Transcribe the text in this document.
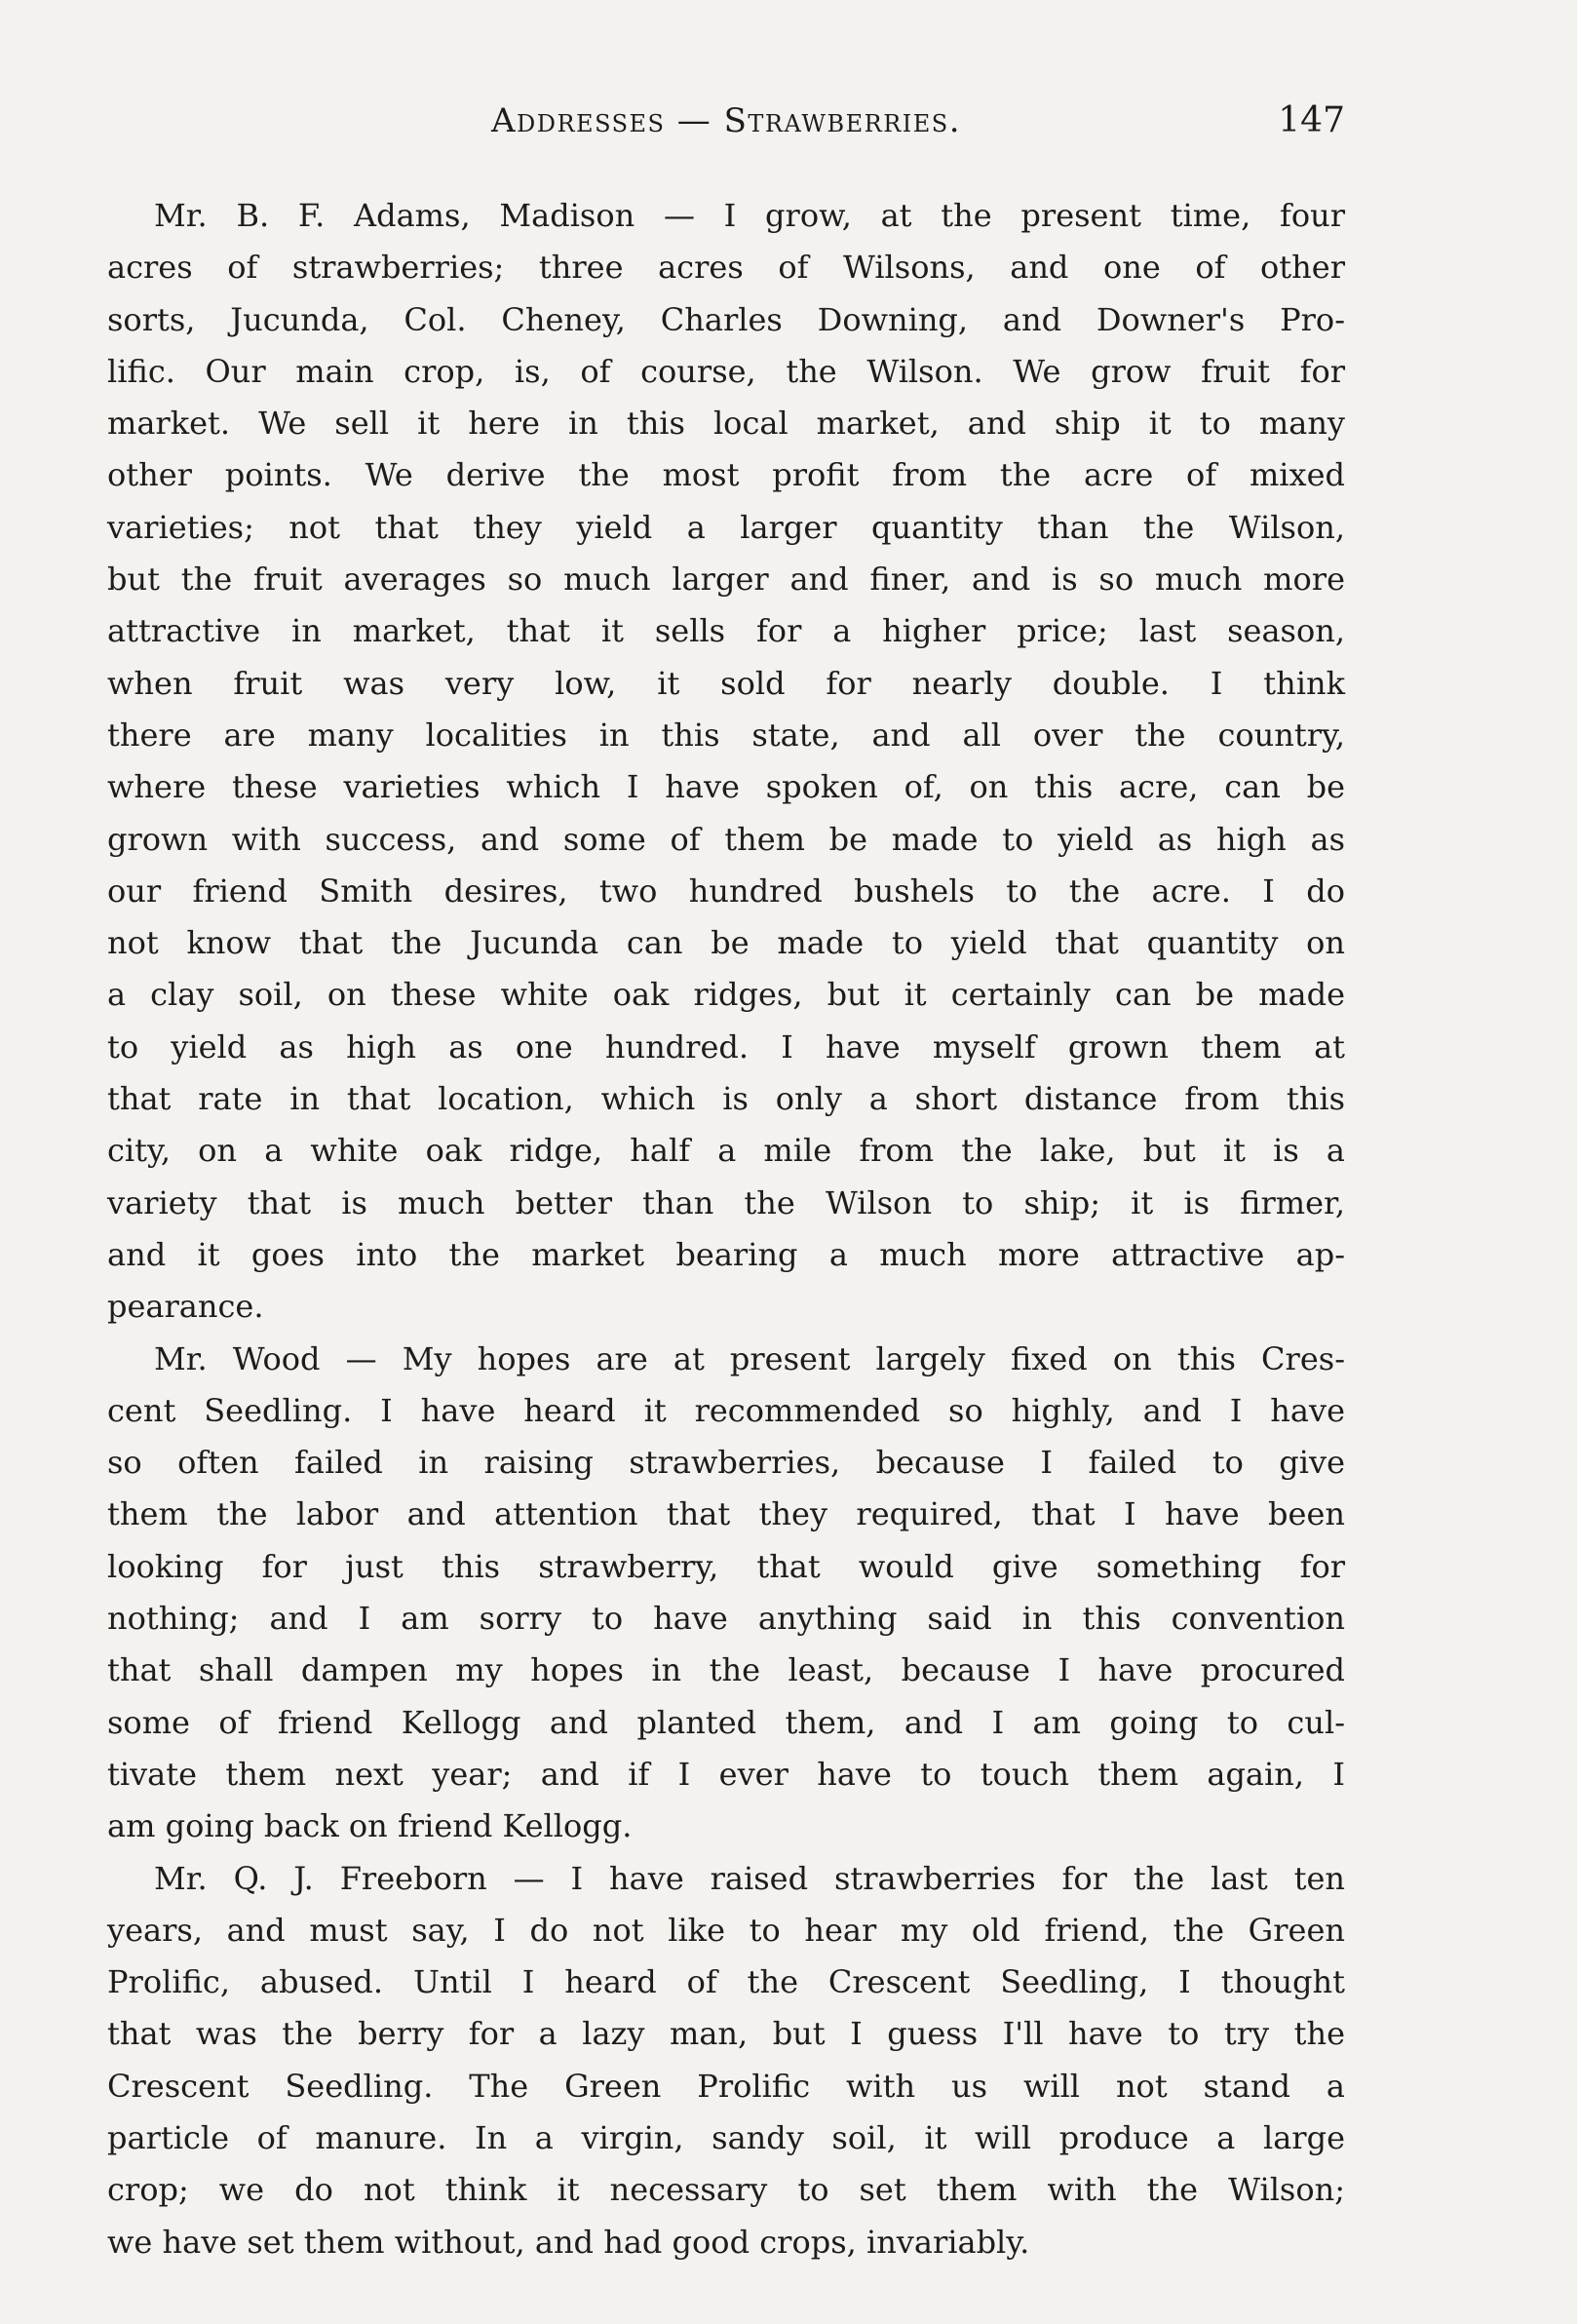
Addresses — Strawberries.	147
Mr. B. F. Adams, Madison — I grow, at the present time, four
acres of strawberries; three acres of Wilsons, and one of other
sorts, Jucunda, Col. Cheney, Charles Downing, and Downer's Pro-
lific. Our main crop, is, of course, the Wilson. We grow fruit for
market. We sell it here in this local market, and ship it to many
other points. We derive the most profit from the acre of mixed
varieties; not that they yield a larger quantity than the Wilson,
but the fruit averages so much larger and finer, and is so much more
attractive in market, that it sells for a higher price; last season,
when fruit was very low, it sold for nearly double. I think
there are many localities in this state, and all over the country,
where these varieties which I have spoken of, on this acre, can be
grown with success, and some of them be made to yield as high as
our friend Smith desires, two hundred bushels to the acre. I do
not know that the Jucunda can be made to yield that quantity on
a clay soil, on these white oak ridges, but it certainly can be made
to yield as high as one hundred. I have myself grown them at
that rate in that location, which is only a short distance from this
city, on a white oak ridge, half a mile from the lake, but it is a
variety that is much better than the Wilson to ship; it is firmer,
and it goes into the market bearing a much more attractive ap-
pearance.
Mr. Wood — My hopes are at present largely fixed on this Cres-
cent Seedling. I have heard it recommended so highly, and I have
so often failed in raising strawberries, because I failed to give
them the labor and attention that they required, that I have been
looking for just this strawberry, that would give something for
nothing; and I am sorry to have anything said in this convention
that shall dampen my hopes in the least, because I have procured
some of friend Kellogg and planted them, and I am going to cul-
tivate them next year; and if I ever have to touch them again, I
am going back on friend Kellogg.
Mr. Q. J. Freeborn — I have raised strawberries for the last ten
years, and must say, I do not like to hear my old friend, the Green
Prolific, abused. Until I heard of the Crescent Seedling, I thought
that was the berry for a lazy man, but I guess I'll have to try the
Crescent Seedling. The Green Prolific with us will not stand a
particle of manure. In a virgin, sandy soil, it will produce a large
crop; we do not think it necessary to set them with the Wilson;
we have set them without, and had good crops, invariably.
